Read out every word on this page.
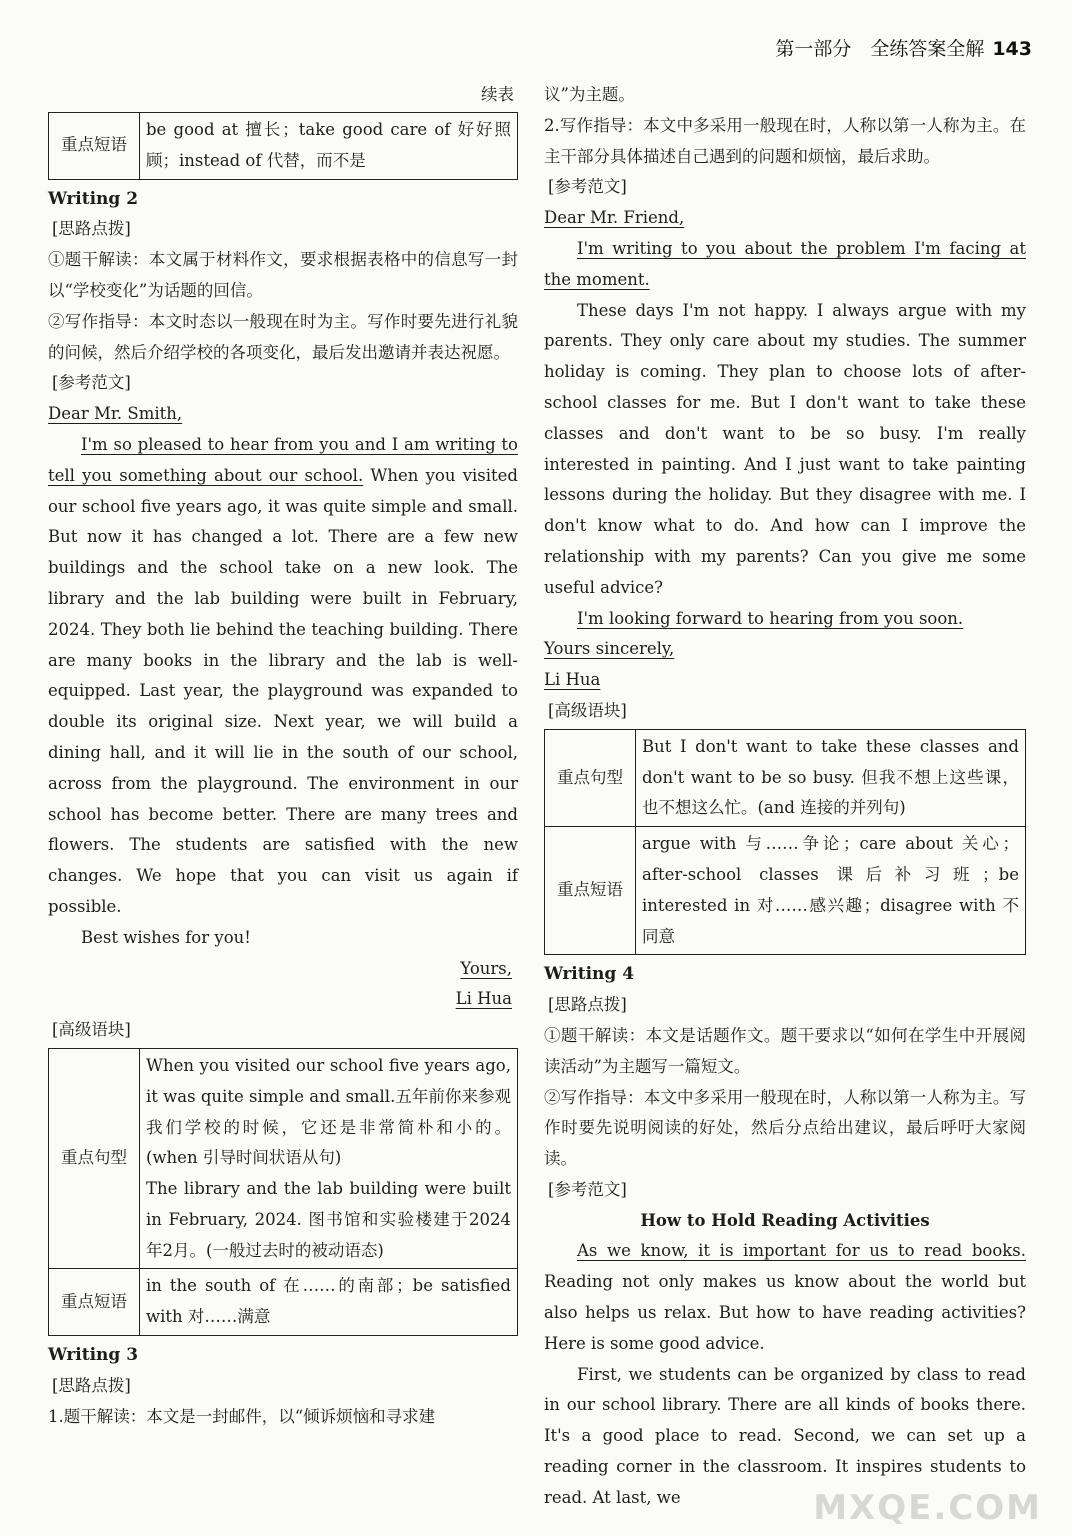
第一部分　全练答案全解 143
续表
重点短语	be good at 擅长；take good care of 好好照顾；instead of 代替，而不是
Writing 2
[思路点拨]
①题干解读：本文属于材料作文，要求根据表格中的信息写一封以“学校变化”为话题的回信。
②写作指导：本文时态以一般现在时为主。写作时要先进行礼貌的问候，然后介绍学校的各项变化，最后发出邀请并表达祝愿。
[参考范文]
Dear Mr. Smith,
I'm so pleased to hear from you and I am writing to tell you something about our school. When you visited our school five years ago, it was quite simple and small. But now it has changed a lot. There are a few new buildings and the school take on a new look. The library and the lab building were built in February, 2024. They both lie behind the teaching building. There are many books in the library and the lab is well-equipped. Last year, the playground was expanded to double its original size. Next year, we will build a dining hall, and it will lie in the south of our school, across from the playground. The environment in our school has become better. There are many trees and flowers. The students are satisfied with the new changes. We hope that you can visit us again if possible.
Best wishes for you!
Yours,
Li Hua
[高级语块]
重点句型	When you visited our school five years ago, it was quite simple and small.五年前你来参观我们学校的时候，它还是非常简朴和小的。(when 引导时间状语从句)
The library and the lab building were built in February, 2024. 图书馆和实验楼建于2024年2月。(一般过去时的被动语态)

重点短语	in the south of 在……的南部；be satisfied with 对……满意
Writing 3
[思路点拨]
1.题干解读：本文是一封邮件，以“倾诉烦恼和寻求建
议”为主题。
2.写作指导：本文中多采用一般现在时，人称以第一人称为主。在主干部分具体描述自己遇到的问题和烦恼，最后求助。
[参考范文]
Dear Mr. Friend,
I'm writing to you about the problem I'm facing at the moment.
These days I'm not happy. I always argue with my parents. They only care about my studies. The summer holiday is coming. They plan to choose lots of after-school classes for me. But I don't want to take these classes and don't want to be so busy. I'm really interested in painting. And I just want to take painting lessons during the holiday. But they disagree with me. I don't know what to do. And how can I improve the relationship with my parents? Can you give me some useful advice?
I'm looking forward to hearing from you soon.
Yours sincerely,
Li Hua
[高级语块]
重点句型	But I don't want to take these classes and don't want to be so busy. 但我不想上这些课，也不想这么忙。(and 连接的并列句)
重点短语	argue with 与……争论；care about 关心；after-school classes 课后补习班；be interested in 对……感兴趣；disagree with 不同意
Writing 4
[思路点拨]
①题干解读：本文是话题作文。题干要求以“如何在学生中开展阅读活动”为主题写一篇短文。
②写作指导：本文中多采用一般现在时，人称以第一人称为主。写作时要先说明阅读的好处，然后分点给出建议，最后呼吁大家阅读。
[参考范文]
How to Hold Reading Activities
As we know, it is important for us to read books. Reading not only makes us know about the world but also helps us relax. But how to have reading activities? Here is some good advice.
First, we students can be organized by class to read in our school library. There are all kinds of books there. It's a good place to read. Second, we can set up a reading corner in the classroom. It inspires students to read. At last, we	MXQE.COM
